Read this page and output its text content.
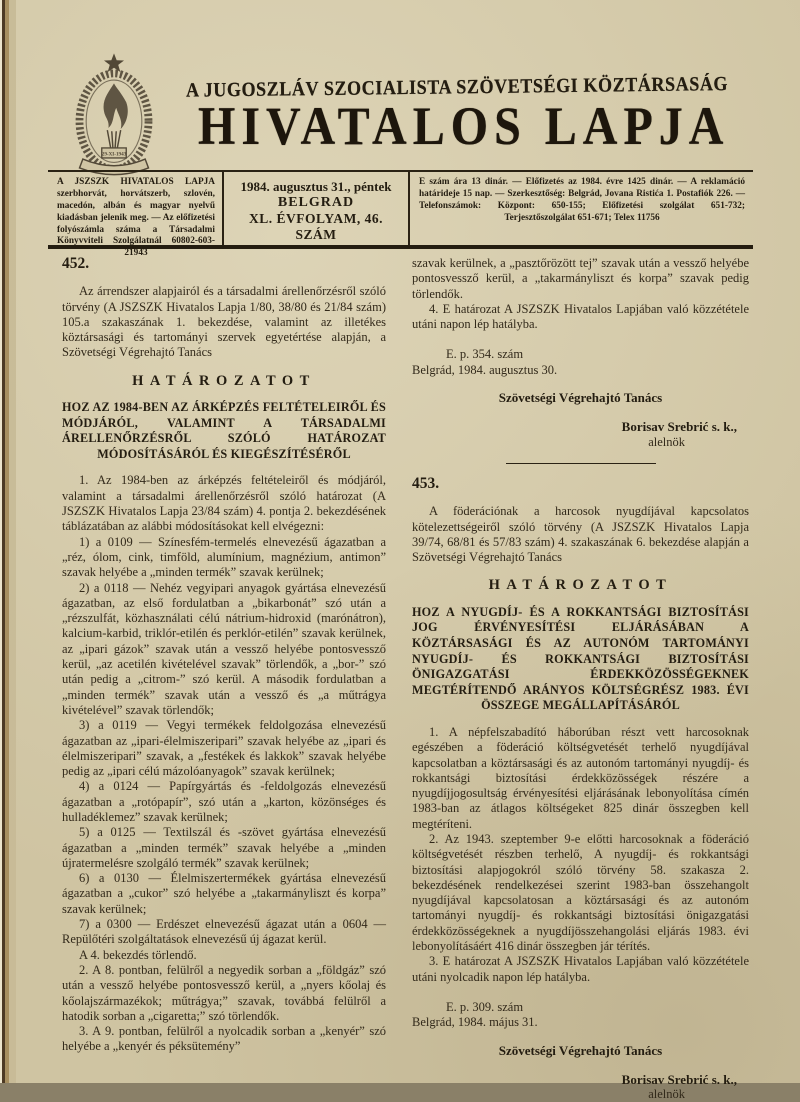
29-XI-1943
A JUGOSZLÁV SZOCIALISTA SZÖVETSÉGI KÖZTÁRSASÁG
HIVATALOS LAPJA
A JSZSZK HIVATALOS LAPJA szerbhorvát, horvátszerb, szlovén, macedón, albán és magyar nyelvű kiadásban jelenik meg. — Az előfizetési folyószámla száma a Társadalmi Könyvviteli Szolgálatnál 60802-603-21943
1984. augusztus 31., péntek
BELGRAD
XL. ÉVFOLYAM, 46. SZÁM
E szám ára 13 dinár. — Előfizetés az 1984. évre 1425 dinár. — A reklamáció határideje 15 nap. — Szerkesztőség: Belgrád, Jovana Ristića 1. Postafiók 226. — Telefonszámok: Központ: 650-155; Előfizetési szolgálat 651-732; Terjesztőszolgálat 651-671; Telex 11756
452.

Az árrendszer alapjairól és a társadalmi árellenőrzésről szóló törvény (A JSZSZK Hivatalos Lapja 1/80, 38/80 és 21/84 szám) 105.a szakaszának 1. bekezdése, valamint az illetékes köztársasági és tartományi szervek egyetértése alapján, a Szövetségi Végrehajtó Tanács

HATÁROZATOT
HOZ AZ 1984-BEN AZ ÁRKÉPZÉS FELTÉTELEIRŐL ÉS MÓDJÁRÓL, VALAMINT A TÁRSADALMI ÁRELLENŐRZÉSRŐL SZÓLÓ HATÁROZAT MÓDOSÍTÁSÁRÓL ÉS KIEGÉSZÍTÉSÉRŐL

1. Az 1984-ben az árképzés feltételeiről és módjáról, valamint a társadalmi árellenőrzésről szóló határozat (A JSZSZK Hivatalos Lapja 23/84 szám) 4. pontja 2. bekezdésének táblázatában az alábbi módosításokat kell elvégezni:

1) a 0109 — Színesfém-termelés elnevezésű ágazatban a „réz, ólom, cink, timföld, alumínium, magnézium, antimon” szavak helyébe a „minden termék” szavak kerülnek;

2) a 0118 — Nehéz vegyipari anyagok gyártása elnevezésű ágazatban, az első fordulatban a „bikarbonát” szó után a „rézszulfát, közhasználati célú nátrium-hidroxid (marónátron), kalcium-karbid, triklór-etilén és perklór-etilén” szavak kerülnek, az „ipari gázok” szavak után a vessző helyébe pontosvessző kerül, „az acetilén kivételével szavak” törlendők, a „bor-” szó után pedig a „citrom-” szó kerül. A második fordulatban a „minden termék” szavak után a vessző és „a műtrágya kivételével” szavak törlendők;

3) a 0119 — Vegyi termékek feldolgozása elnevezésű ágazatban az „ipari-élelmiszeripari” szavak helyébe az „ipari és élelmiszeripari” szavak, a „festékek és lakkok” szavak helyébe pedig az „ipari célú mázolóanyagok” szavak kerülnek;

4) a 0124 — Papírgyártás és -feldolgozás elnevezésű ágazatban a „rotópapír”, szó után a „karton, közönséges és hulladéklemez” szavak kerülnek;

5) a 0125 — Textilszál és -szövet gyártása elnevezésű ágazatban a „minden termék” szavak helyébe a „minden újratermelésre szolgáló termék” szavak kerülnek;

6) a 0130 — Élelmiszertermékek gyártása elnevezésű ágazatban a „cukor” szó helyébe a „takarmányliszt és korpa” szavak kerülnek;

7) a 0300 — Erdészet elnevezésű ágazat után a 0604 — Repülőtéri szolgáltatások elnevezésű új ágazat kerül.

A 4. bekezdés törlendő.

2. A 8. pontban, felülről a negyedik sorban a „földgáz” szó után a vessző helyébe pontosvessző kerül, a „nyers kőolaj és kőolajszármazékok; műtrágya;” szavak, továbbá felülről a hatodik sorban a „cigaretta;” szó törlendők.

3. A 9. pontban, felülről a nyolcadik sorban a „kenyér” szó helyébe a „kenyér és péksütemény”

szavak kerülnek, a „pasztőrözött tej” szavak után a vessző helyébe pontosvessző kerül, a „takarmányliszt és korpa” szavak pedig törlendők.

4. E határozat A JSZSZK Hivatalos Lapjában való közzététele utáni napon lép hatályba.

E. p. 354. szám
Belgrád, 1984. augusztus 30.
Szövetségi Végrehajtó Tanács
Borisav Srebrić s. k.,
alelnök
453.

A föderációnak a harcosok nyugdíjával kapcsolatos kötelezettségeiről szóló törvény (A JSZSZK Hivatalos Lapja 39/74, 68/81 és 57/83 szám) 4. szakaszának 6. bekezdése alapján a Szövetségi Végrehajtó Tanács

HATÁROZATOT
HOZ A NYUGDÍJ- ÉS A ROKKANTSÁGI BIZTOSÍTÁSI JOG ÉRVÉNYESÍTÉSI ELJÁRÁSÁBAN A KÖZTÁRSASÁGI ÉS AZ AUTONÓM TARTOMÁNYI NYUGDÍJ- ÉS ROKKANTSÁGI BIZTOSÍTÁSI ÖNIGAZGATÁSI ÉRDEKKÖZÖSSÉGEKNEK MEGTÉRÍTENDŐ ARÁNYOS KÖLTSÉGRÉSZ 1983. ÉVI ÖSSZEGE MEGÁLLAPÍTÁSÁRÓL

1. A népfelszabadító háborúban részt vett harcosoknak egészében a föderáció költségvetését terhelő nyugdíjával kapcsolatban a köztársasági és az autonóm tartományi nyugdíj- és rokkantsági biztosítási érdekközösségek részére a nyugdíjjogosultság érvényesítési eljárásának lebonyolítása címén 1983-ban az átlagos költségeket 825 dinár összegben kell megtéríteni.

2. Az 1943. szeptember 9-e előtti harcosoknak a föderáció költségvetését részben terhelő, A nyugdíj- és rokkantsági biztosítási alapjogokról szóló törvény 58. szakasza 2. bekezdésének rendelkezései szerint 1983-ban összehangolt nyugdíjával kapcsolatosan a köztársasági és az autonóm tartományi nyugdíj- és rokkantsági biztosítási önigazgatási érdekközösségeknek a nyugdíjösszehangolási eljárás 1983. évi lebonyolításáért 416 dinár összegben jár térítés.

3. E határozat A JSZSZK Hivatalos Lapjában való közzététele utáni nyolcadik napon lép hatályba.

E. p. 309. szám
Belgrád, 1984. május 31.
Szövetségi Végrehajtó Tanács
Borisav Srebrić s. k.,
alelnök
